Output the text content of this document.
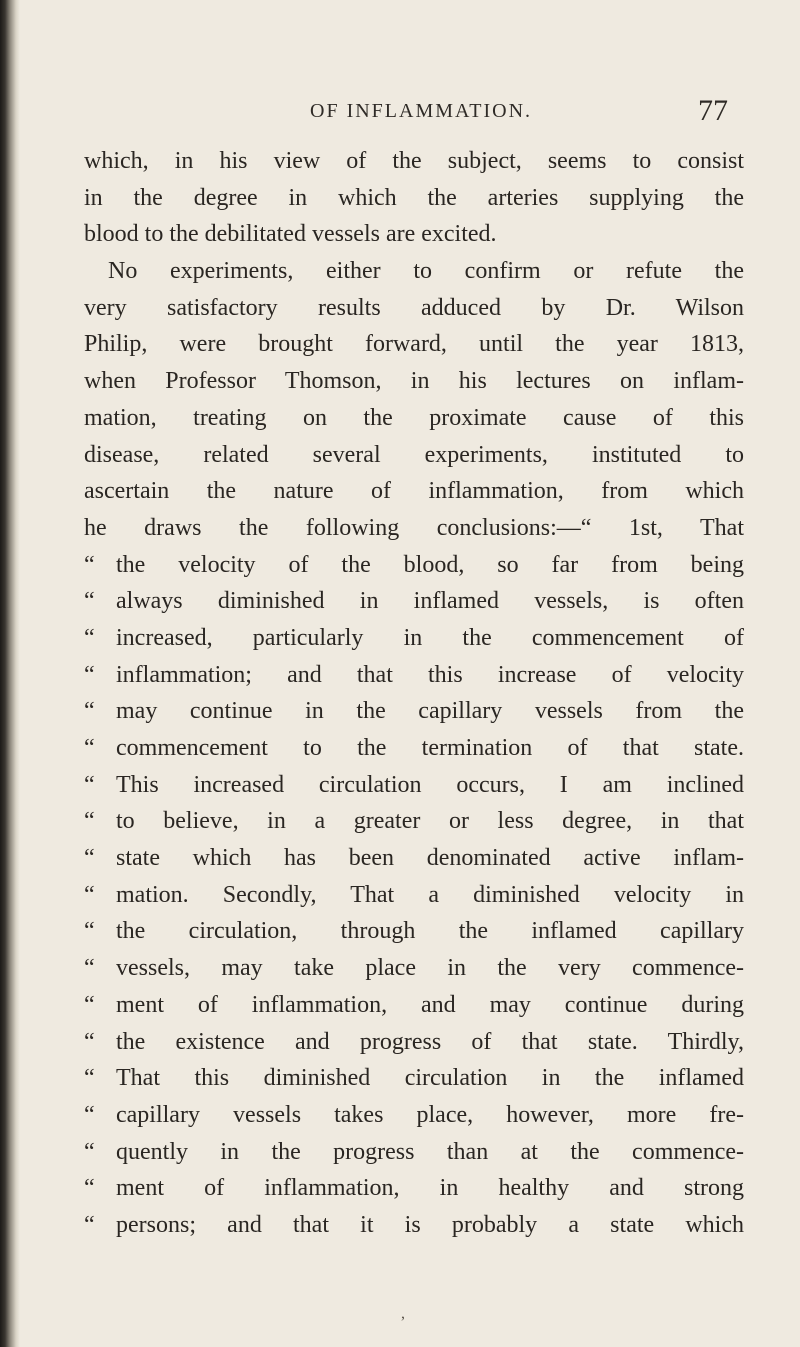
OF INFLAMMATION.	77
which, in his view of the subject, seems to consist
in the degree in which the arteries supplying the
blood to the debilitated vessels are excited.
No experiments, either to confirm or refute the
very satisfactory results adduced by Dr. Wilson
Philip, were brought forward, until the year 1813,
when Professor Thomson, in his lectures on inflam-
mation, treating on the proximate cause of this
disease, related several experiments, instituted to
ascertain the nature of inflammation, from which
he draws the following conclusions:—“ 1st, That
“ the velocity of the blood, so far from being
“ always diminished in inflamed vessels, is often
“ increased, particularly in the commencement of
“ inflammation; and that this increase of velocity
“ may continue in the capillary vessels from the
“ commencement to the termination of that state.
“ This increased circulation occurs, I am inclined
“ to believe, in a greater or less degree, in that
“ state which has been denominated active inflam-
“ mation. Secondly, That a diminished velocity in
“ the circulation, through the inflamed capillary
“ vessels, may take place in the very commence-
“ ment of inflammation, and may continue during
“ the existence and progress of that state. Thirdly,
“ That this diminished circulation in the inflamed
“ capillary vessels takes place, however, more fre-
“ quently in the progress than at the commence-
“ ment of inflammation, in healthy and strong
“ persons; and that it is probably a state which
,
